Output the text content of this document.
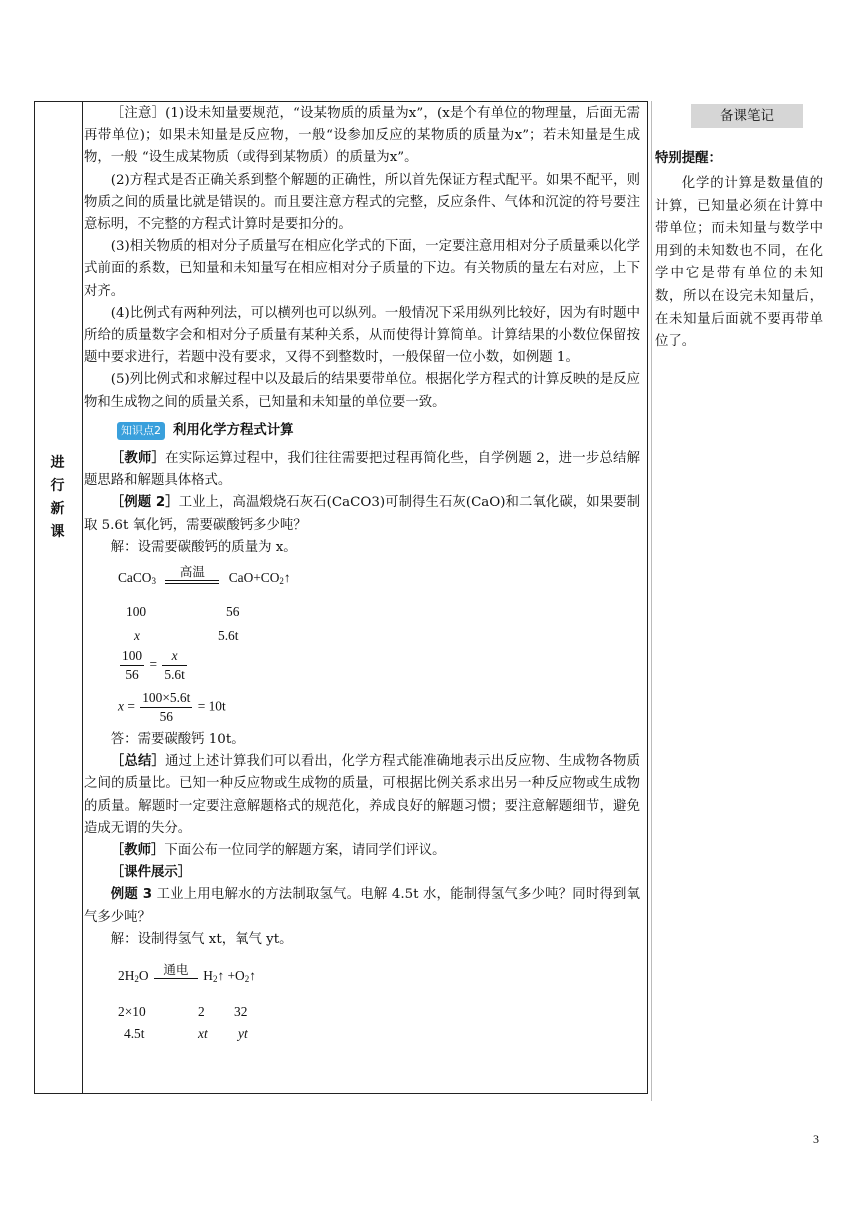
进
行
新
课

［注意］(1)设未知量要规范，“设某物质的质量为x”，(x是个有单位的物理量，后面无需再带单位)；如果未知量是反应物，一般“设参加反应的某物质的质量为x”；若未知量是生成物，一般 “设生成某物质（或得到某物质）的质量为x”。

(2)方程式是否正确关系到整个解题的正确性，所以首先保证方程式配平。如果不配平，则物质之间的质量比就是错误的。而且要注意方程式的完整，反应条件、气体和沉淀的符号要注意标明，不完整的方程式计算时是要扣分的。

(3)相关物质的相对分子质量写在相应化学式的下面，一定要注意用相对分子质量乘以化学式前面的系数，已知量和未知量写在相应相对分子质量的下边。有关物质的量左右对应，上下对齐。

(4)比例式有两种列法，可以横列也可以纵列。一般情况下采用纵列比较好，因为有时题中所给的质量数字会和相对分子质量有某种关系，从而使得计算简单。计算结果的小数位保留按题中要求进行，若题中没有要求，又得不到整数时，一般保留一位小数，如例题 1。

(5)列比例式和求解过程中以及最后的结果要带单位。根据化学方程式的计算反映的是反应物和生成物之间的质量关系，已知量和未知量的单位要一致。

知识点2 利用化学方程式计算

［教师］在实际运算过程中，我们往往需要把过程再简化些，自学例题 2，进一步总结解题思路和解题具体格式。

［例题 2］工业上，高温煅烧石灰石(CaCO3)可制得生石灰(CaO)和二氧化碳，如果要制取 5.6t 氧化钙，需要碳酸钙多少吨？

解：设需要碳酸钙的质量为 x。

CaCO$_3$
高温	$CaO+CO_2↑$
100	56
x	5.6t
$\frac{100}{56} = \frac{x}{5.6t}$
$x = \frac{100\times 5.6t}{56} = 10t$

答：需要碳酸钙 10t。

［总结］通过上述计算我们可以看出，化学方程式能准确地表示出反应物、生成物各物质之间的质量比。已知一种反应物或生成物的质量，可根据比例关系求出另一种反应物或生成物的质量。解题时一定要注意解题格式的规范化，养成良好的解题习惯；要注意解题细节，避免造成无谓的失分。

［教师］下面公布一位同学的解题方案，请同学们评议。

［课件展示］

例题 3 工业上用电解水的方法制取氢气。电解 4.5t 水，能制得氢气多少吨？同时得到氧气多少吨？

解：设制得氢气 xt，氧气 yt。

$2H_2O$	通电	$H_2↑$ $+O_2↑$
2×10	2 32
4.5t	xt yt
备课笔记
特别提醒：
化学的计算是数量值的计算，已知量必须在计算中带单位；而未知量与数学中用到的未知数也不同，在化学中它是带有单位的未知数，所以在设完未知量后，在未知量后面就不要再带单位了。
3
